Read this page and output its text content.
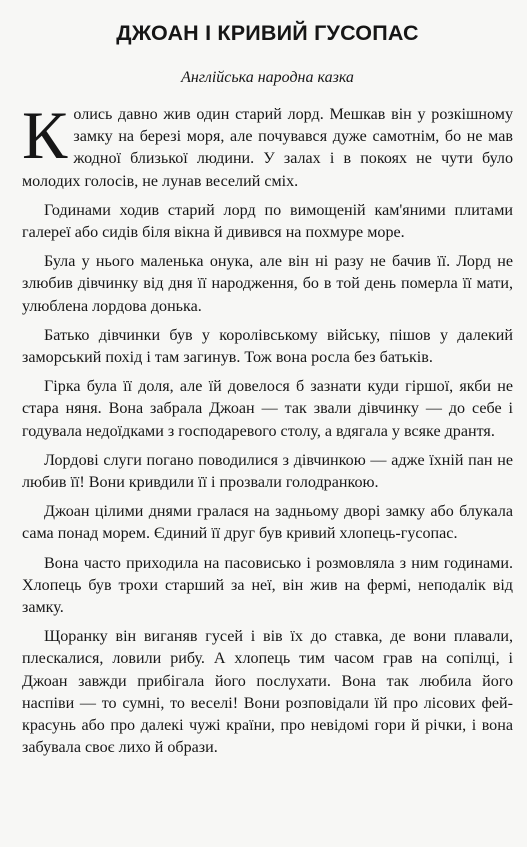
ДЖОАН І КРИВИЙ ГУСОПАС
Англійська народна казка

Колись давно жив один старий лорд. Мешкав він у розкішному замку на березі моря, але почувався дуже самотнім, бо не мав жодної близької людини. У залах і в покоях не чути було молодих голосів, не лунав веселий сміх.

Годинами ходив старий лорд по вимощеній кам'яними плитами галереї або сидів біля вікна й дивився на похмуре море.

Була у нього маленька онука, але він ні разу не бачив її. Лорд не злюбив дівчинку від дня її народження, бо в той день померла її мати, улюблена лордова донька.

Батько дівчинки був у королівському війську, пішов у далекий заморський похід і там загинув. Тож вона росла без батьків.

Гірка була її доля, але їй довелося б зазнати куди гіршої, якби не стара няня. Вона забрала Джоан — так звали дівчинку — до себе і годувала недоїдками з господаревого столу, а вдягала у всяке дрантя.

Лордові слуги погано поводилися з дівчинкою — адже їхній пан не любив її! Вони кривдили її і прозвали голодранкою.

Джоан цілими днями гралася на задньому дворі замку або блукала сама понад морем. Єдиний її друг був кривий хлопець-гусопас.

Вона часто приходила на пасовисько і розмовляла з ним годинами. Хлопець був трохи старший за неї, він жив на фермі, неподалік від замку.

Щоранку він виганяв гусей і вів їх до ставка, де вони плавали, плескалися, ловили рибу. А хлопець тим часом грав на сопілці, і Джоан завжди прибігала його послухати. Вона так любила його наспіви — то сумні, то веселі! Вони розповідали їй про лісових фей-красунь або про далекі чужі країни, про невідомі гори й річки, і вона забувала своє лихо й образи.
